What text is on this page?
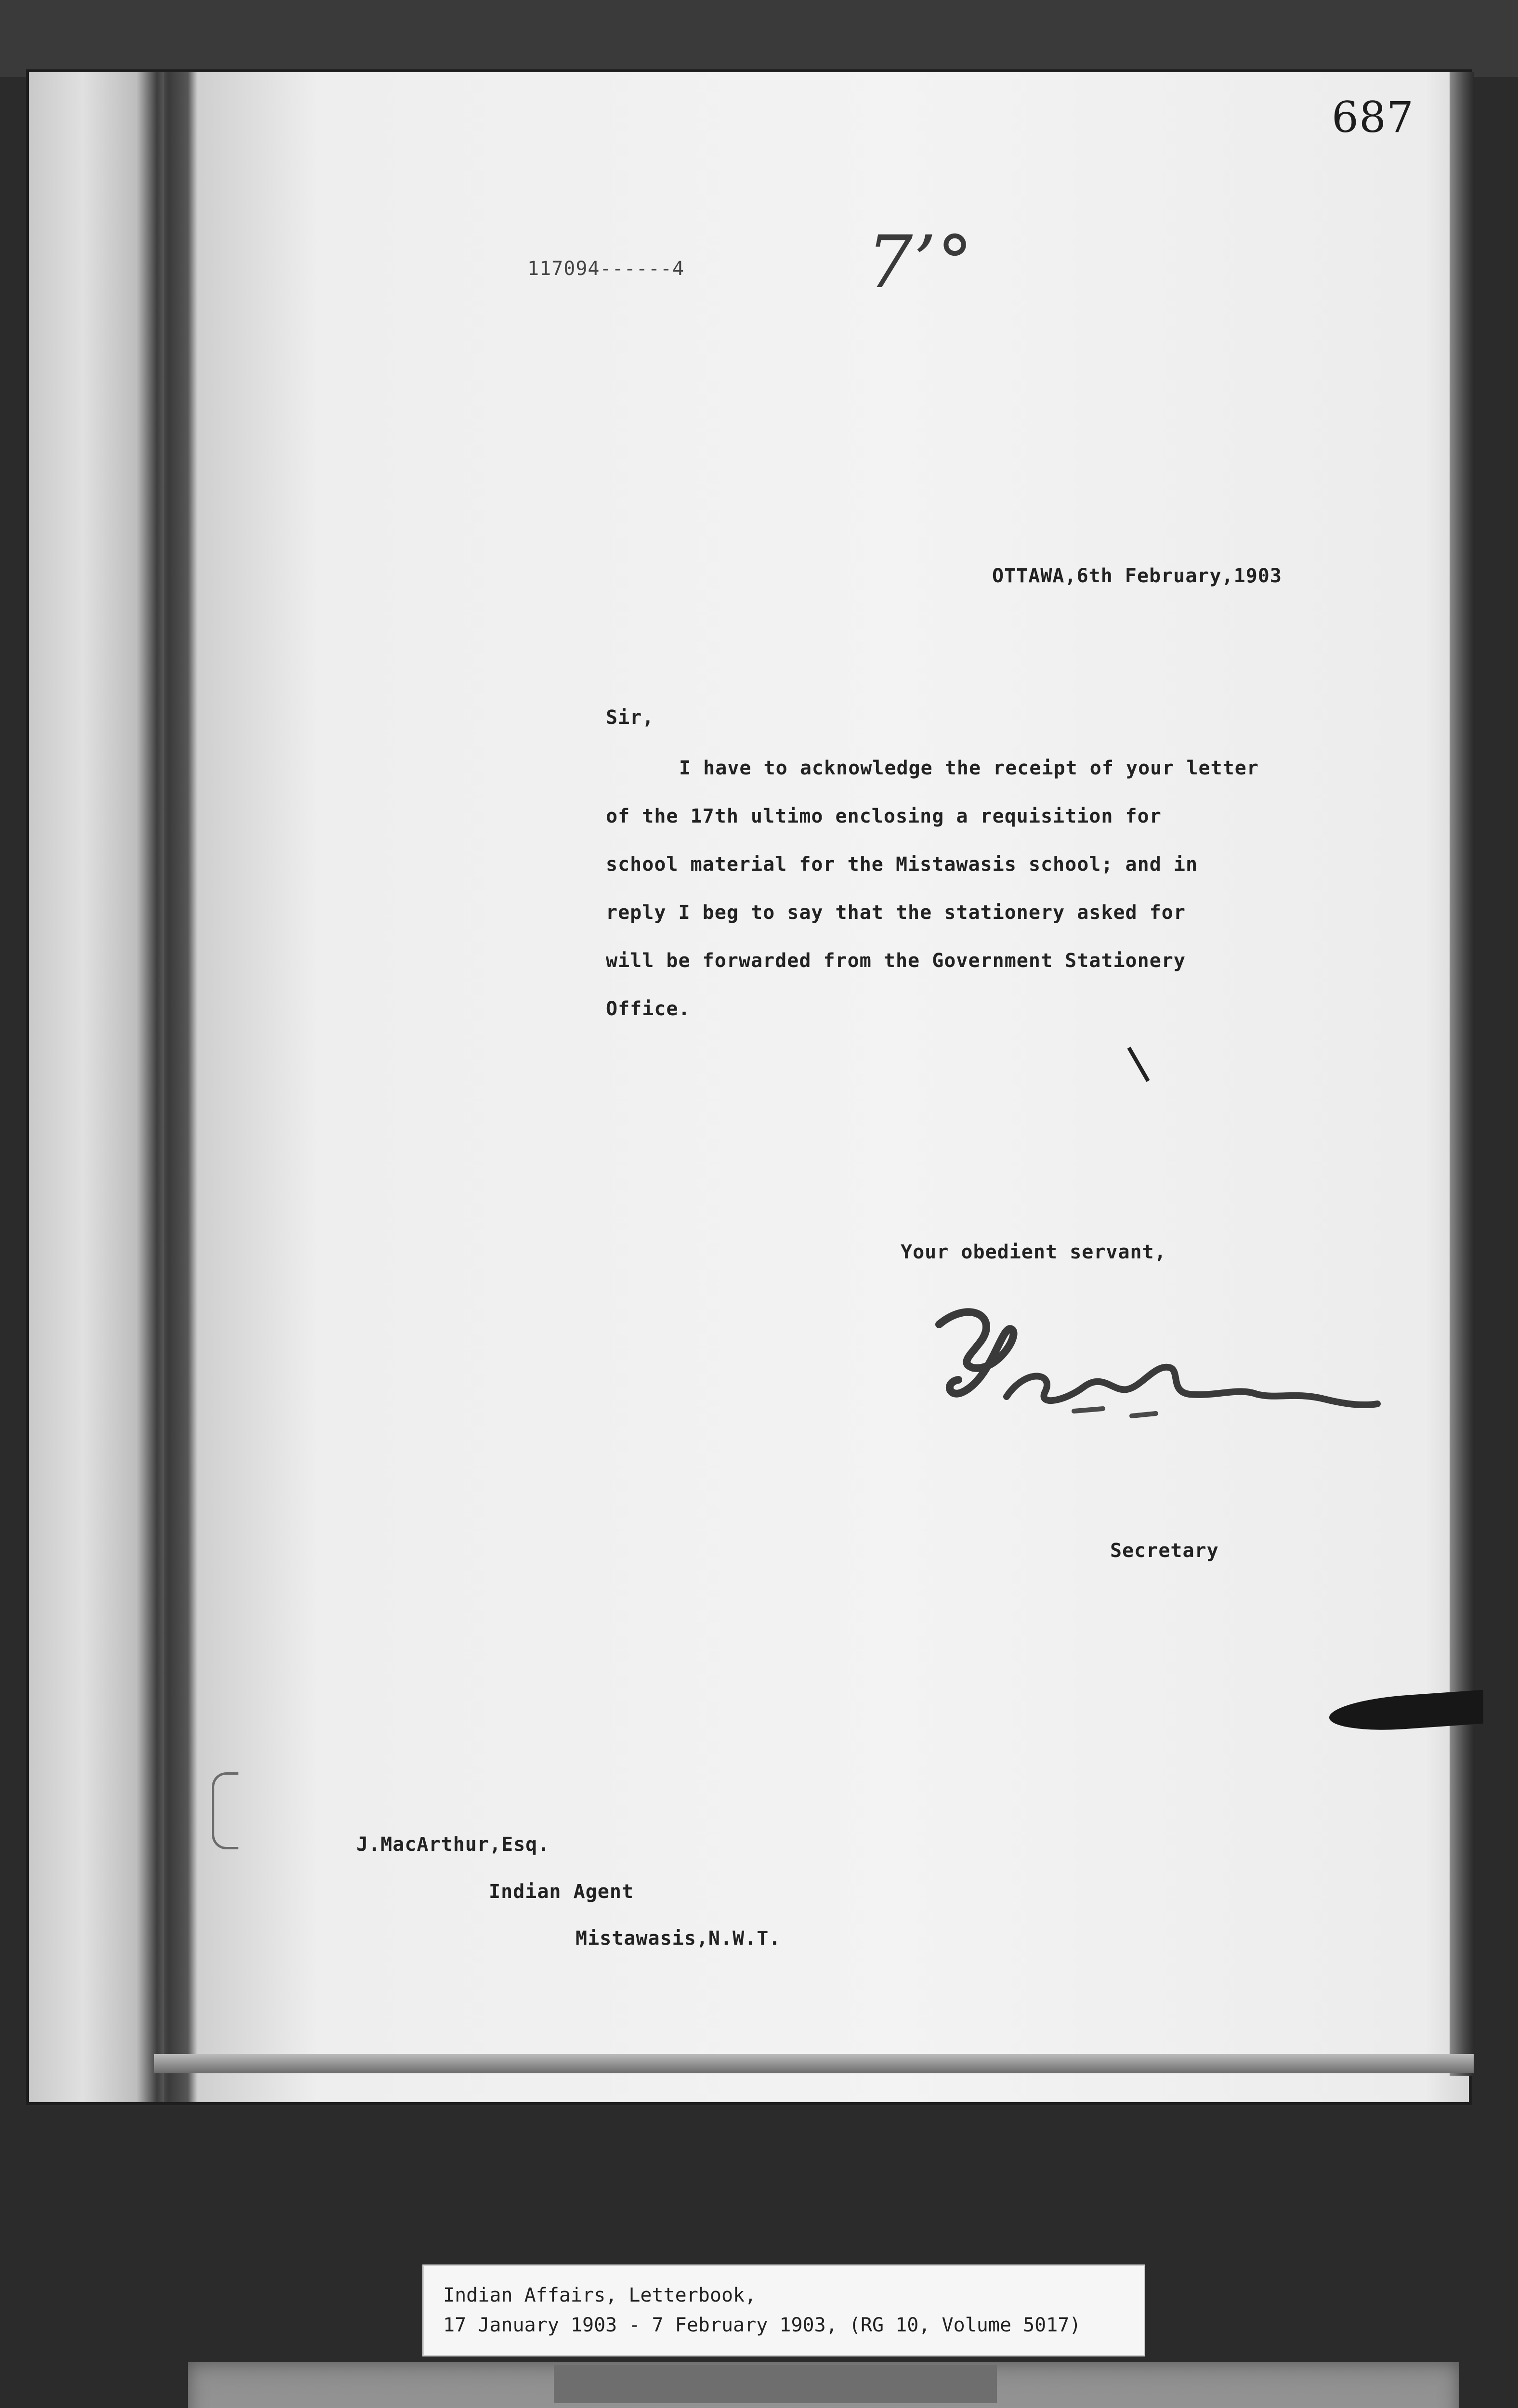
687
117094------4	7’°
OTTAWA,6th February,1903
Sir,
I have to acknowledge the receipt of your letter
of the 17th ultimo enclosing a requisition for
school material for the Mistawasis school; and in
reply I beg to say that the stationery asked for
will be forwarded from the Government Stationery
Office.
Your obedient servant,
Secretary
J.MacArthur,Esq.
Indian Agent
Mistawasis,N.W.T.
Indian Affairs, Letterbook,
17 January 1903 - 7 February 1903, (RG 10, Volume 5017)
